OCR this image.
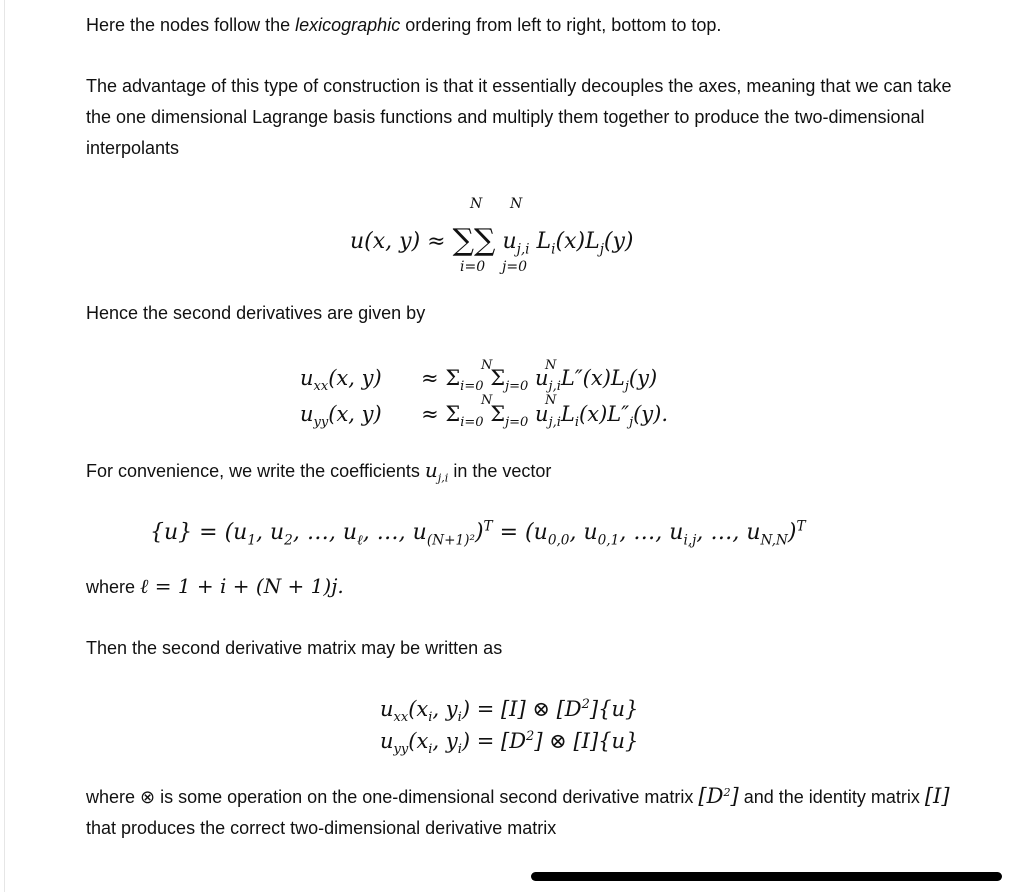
Here the nodes follow the lexicographic ordering from left to right, bottom to top.

The advantage of this type of construction is that it essentially decouples the axes, meaning that we can take the one dimensional Lagrange basis functions and multiply them together to produce the two-dimensional interpolants

N N
u(x, y) ≈ ∑∑ $u_{j,i}$ $L_i(x)L_j(y)$
i=0 j=0

Hence the second derivatives are given by

$u_{xx}(x$, $y) \approx \Sigma_{i=0}$ $\Sigma_{j=0}$ $u_{j,i}L''(x)L_j(y)$
N	N
$u_{yy}(x$, $y) \approx \Sigma_{i=0}$ $\Sigma_{j=0}$ $u_{j,i}L_i(x)L''_j(y)$.
N	N

For convenience, we write the coefficients $u_{j,i}$ in the vector

$\{u\} = (u_1$, $u_2$, …, $u_\ell$, …, $u_{(N+1)^2})^T = (u_{0,0}$, $u_{0,1}$, …, $u_{i,j}$, …, $u_{N,N})^T$

where ℓ = 1 + i + (N + 1)j.

Then the second derivative matrix may be written as

$u_{xx}(x_i$, $y_i) = [I]$ ⊗ $[D^2]\{u\}$
$u_{yy}(x_i$, $y_i) = [D^2]$ ⊗ [I]{u}

where ⊗ is some operation on the one-dimensional second derivative matrix $[D^2]$ and the identity matrix [I] that produces the correct two-dimensional derivative matrix
